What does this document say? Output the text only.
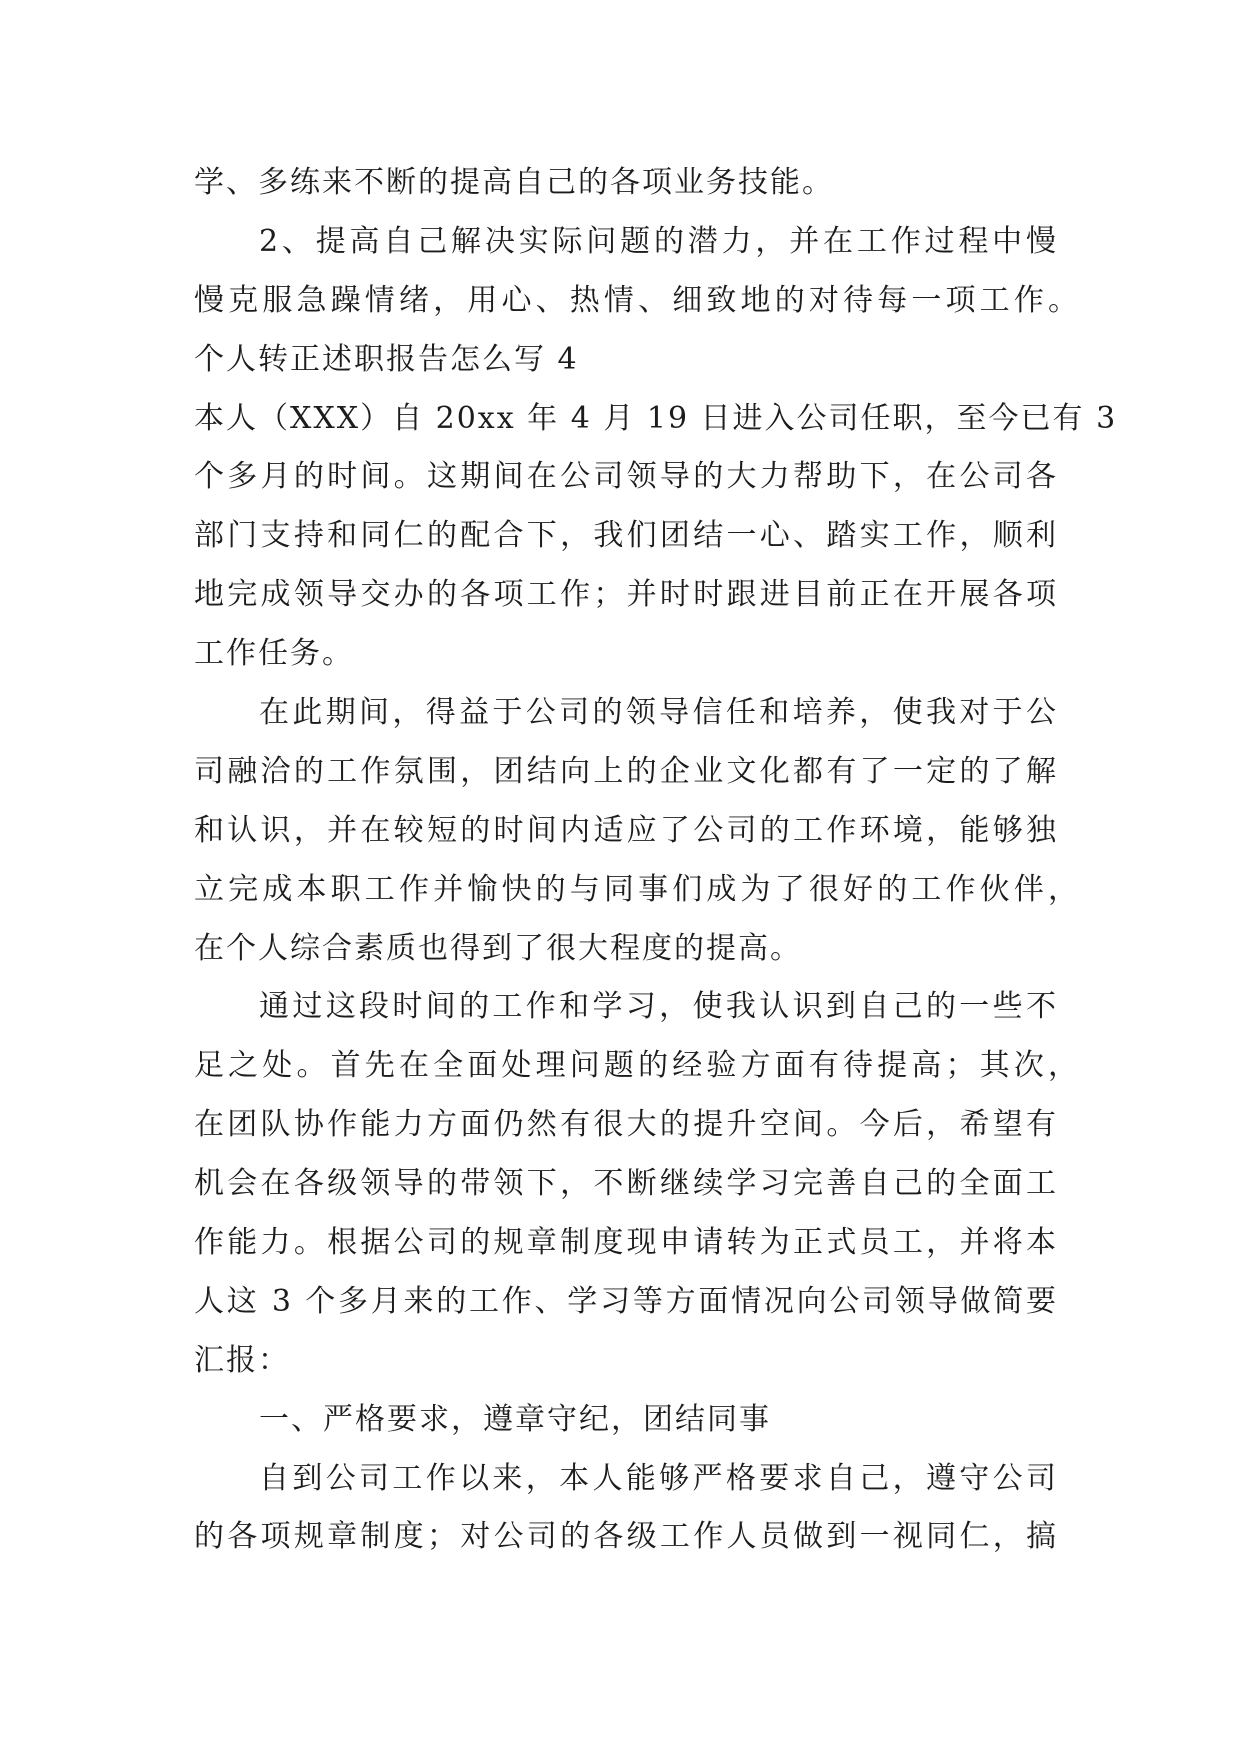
学、多练来不断的提高自己的各项业务技能。
2、提高自己解决实际问题的潜力，并在工作过程中慢
慢克服急躁情绪，用心、热情、细致地的对待每一项工作。
个人转正述职报告怎么写 4
本人（XXX）自 20xx 年 4 月 19 日进入公司任职，至今已有 3
个多月的时间。这期间在公司领导的大力帮助下，在公司各
部门支持和同仁的配合下，我们团结一心、踏实工作，顺利
地完成领导交办的各项工作；并时时跟进目前正在开展各项
工作任务。
在此期间，得益于公司的领导信任和培养，使我对于公
司融洽的工作氛围，团结向上的企业文化都有了一定的了解
和认识，并在较短的时间内适应了公司的工作环境，能够独
立完成本职工作并愉快的与同事们成为了很好的工作伙伴，
在个人综合素质也得到了很大程度的提高。
通过这段时间的工作和学习，使我认识到自己的一些不
足之处。首先在全面处理问题的经验方面有待提高；其次，
在团队协作能力方面仍然有很大的提升空间。今后，希望有
机会在各级领导的带领下，不断继续学习完善自己的全面工
作能力。根据公司的规章制度现申请转为正式员工，并将本
人这 3 个多月来的工作、学习等方面情况向公司领导做简要
汇报：
一、严格要求，遵章守纪，团结同事
自到公司工作以来，本人能够严格要求自己，遵守公司
的各项规章制度；对公司的各级工作人员做到一视同仁，搞
